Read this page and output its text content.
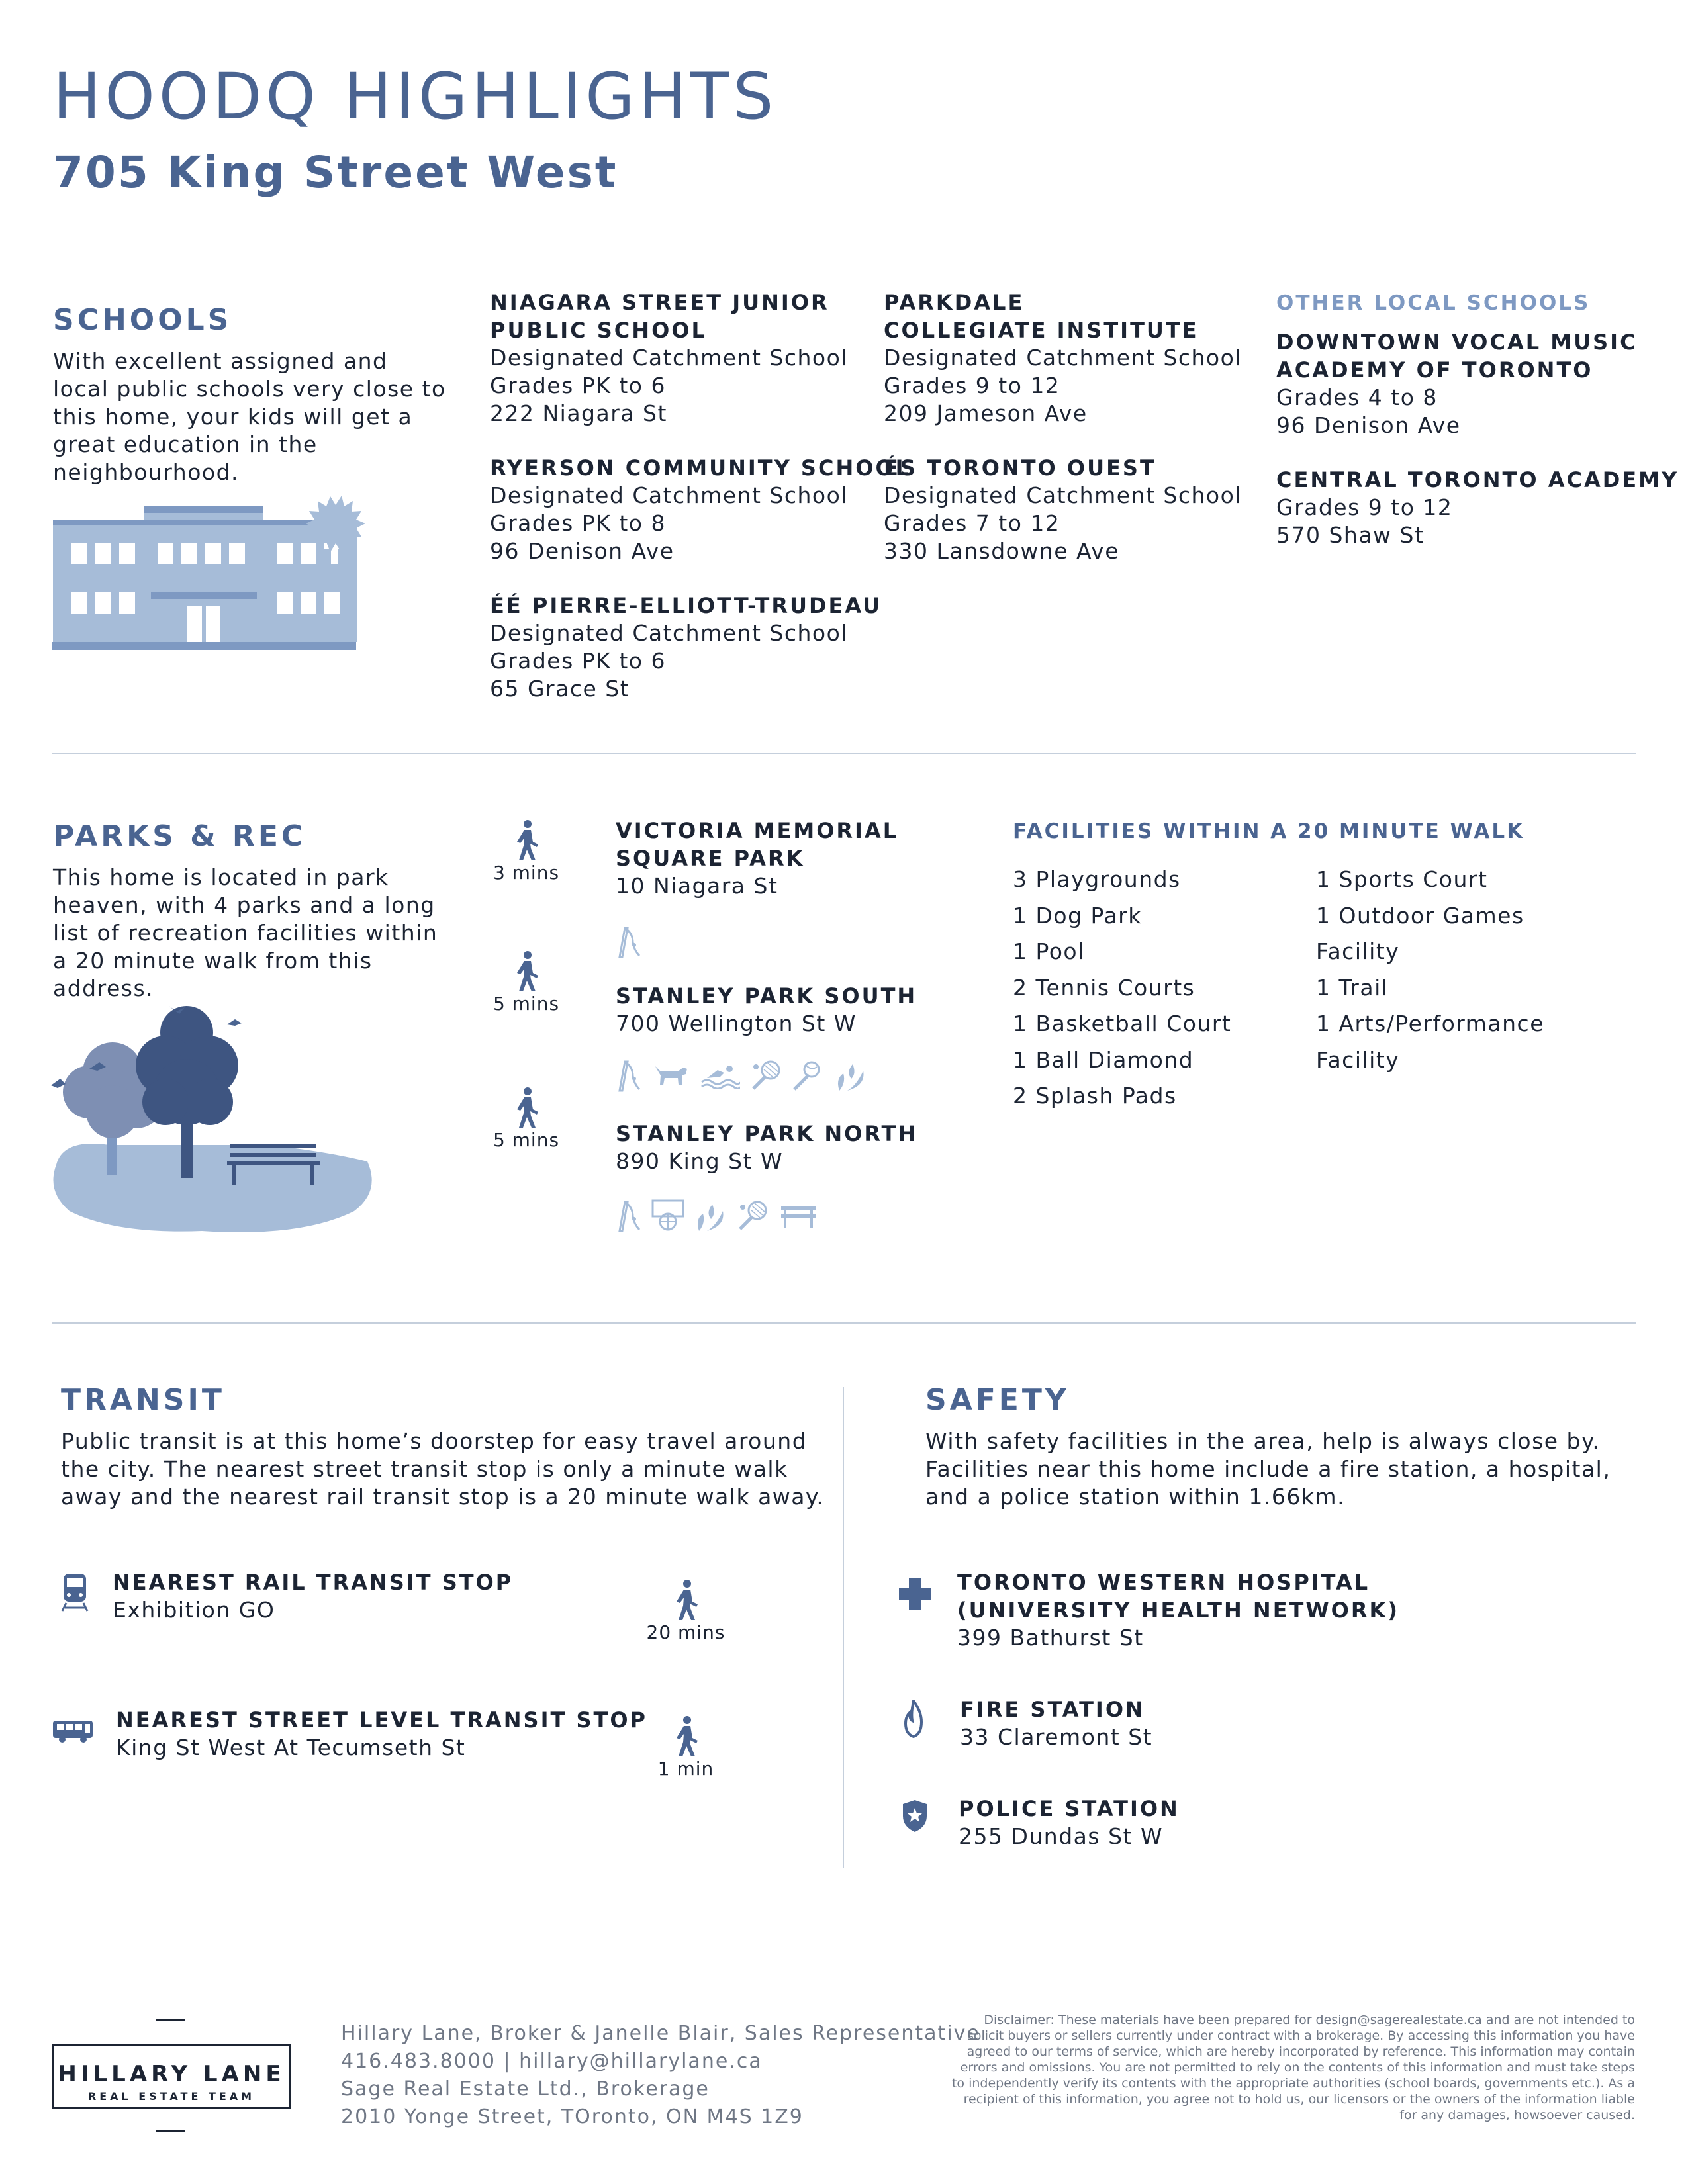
HOODQ HIGHLIGHTS
705 King Street West
SCHOOLS
With excellent assigned and local public schools very close to this home, your kids will get a great education in the neighbourhood.
NIAGARA STREET JUNIOR
PUBLIC SCHOOL
Designated Catchment School
Grades PK to 6
222 Niagara St
RYERSON COMMUNITY SCHOOL
Designated Catchment School
Grades PK to 8
96 Denison Ave
ÉÉ PIERRE-ELLIOTT-TRUDEAU
Designated Catchment School
Grades PK to 6
65 Grace St
PARKDALE
COLLEGIATE INSTITUTE
Designated Catchment School
Grades 9 to 12
209 Jameson Ave
ÉS TORONTO OUEST
Designated Catchment School
Grades 7 to 12
330 Lansdowne Ave
OTHER LOCAL SCHOOLS
DOWNTOWN VOCAL MUSIC
ACADEMY OF TORONTO
Grades 4 to 8
96 Denison Ave
CENTRAL TORONTO ACADEMY
Grades 9 to 12
570 Shaw St
PARKS & REC
This home is located in park heaven, with 4 parks and a long list of recreation facilities within a 20 minute walk from this address.
3 mins
VICTORIA MEMORIAL
SQUARE PARK
10 Niagara St
5 mins	STANLEY PARK SOUTH
700 Wellington St W
5 mins	STANLEY PARK NORTH
890 King St W
FACILITIES WITHIN A 20 MINUTE WALK
3 Playgrounds
1 Dog Park
1 Pool
2 Tennis Courts
1 Basketball Court
1 Ball Diamond
2 Splash Pads
1 Sports Court
1 Outdoor Games
Facility
1 Trail
1 Arts/Performance
Facility
TRANSIT
Public transit is at this home’s doorstep for easy travel around the city. The nearest street transit stop is only a minute walk away and the nearest rail transit stop is a 20 minute walk away.
NEAREST RAIL TRANSIT STOP
Exhibition GO
20 mins
NEAREST STREET LEVEL TRANSIT STOP
King St West At Tecumseth St
1 min
SAFETY
With safety facilities in the area, help is always close by. Facilities near this home include a fire station, a hospital, and a police station within 1.66km.
TORONTO WESTERN HOSPITAL
(UNIVERSITY HEALTH NETWORK)
399 Bathurst St
FIRE STATION
33 Claremont St
POLICE STATION
255 Dundas St W
HILLARY LANE
REAL ESTATE TEAM
Hillary Lane, Broker & Janelle Blair, Sales Representative
416.483.8000 | hillary@hillarylane.ca
Sage Real Estate Ltd., Brokerage
2010 Yonge Street, TOronto, ON M4S 1Z9
Disclaimer: These materials have been prepared for design@sagerealestate.ca and are not intended to solicit buyers or sellers currently under contract with a brokerage. By accessing this information you have agreed to our terms of service, which are hereby incorporated by reference. This information may contain errors and omissions. You are not permitted to rely on the contents of this information and must take steps to independently verify its contents with the appropriate authorities (school boards, governments etc.). As a recipient of this information, you agree not to hold us, our licensors or the owners of the information liable for any damages, howsoever caused.
